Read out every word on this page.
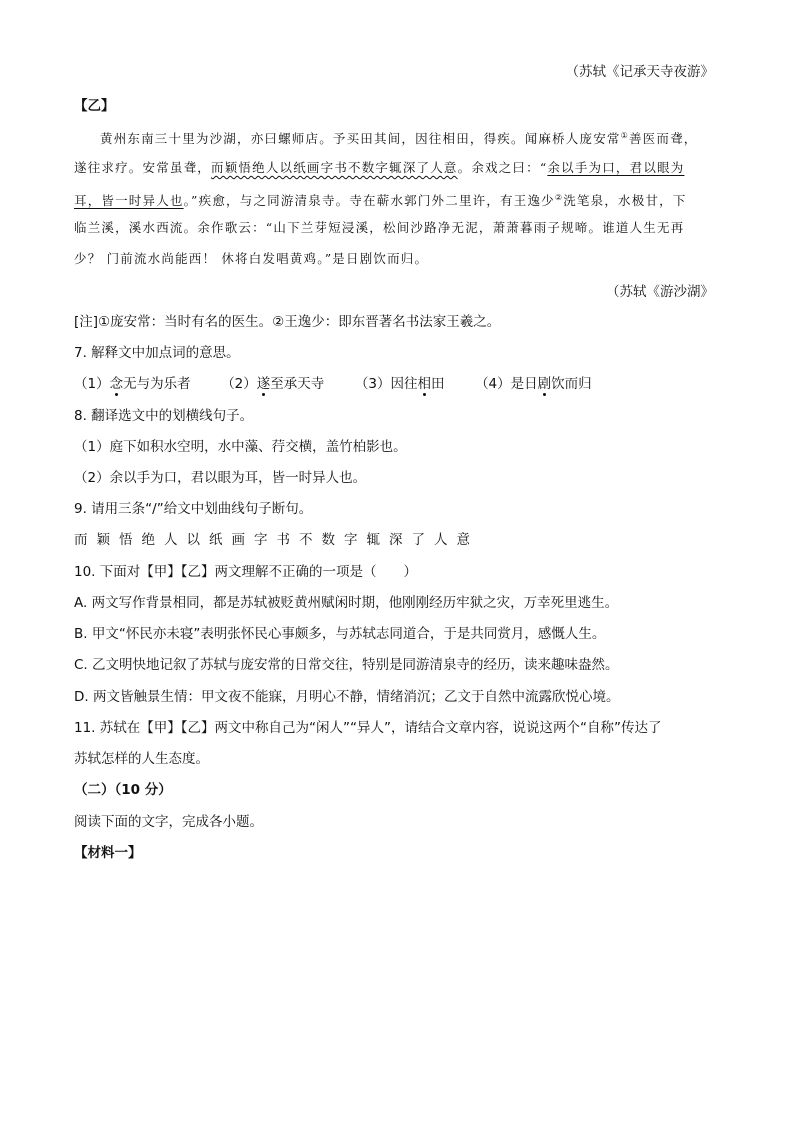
（苏轼《记承天寺夜游》
【乙】
黄州东南三十里为沙湖，亦曰螺师店。予买田其间，因往相田，得疾。闻麻桥人庞安常①善医而聋，
遂往求疗。安常虽聋，而颖悟绝人以纸画字书不数字辄深了人意。余戏之曰：“余以手为口，君以眼为
耳，皆一时异人也。”疾愈，与之同游清泉寺。寺在蕲水郭门外二里许，有王逸少②洗笔泉，水极甘，下
临兰溪，溪水西流。余作歌云：“山下兰芽短浸溪，松间沙路净无泥，萧萧暮雨子规啼。谁道人生无再
少？ 门前流水尚能西！ 休将白发唱黄鸡。”是日剧饮而归。
（苏轼《游沙湖》
[注]①庞安常：当时有名的医生。②王逸少：即东晋著名书法家王羲之。
7. 解释文中加点词的意思。
（1）念无与为乐者 （2）遂至承天寺 （3）因往相田 （4）是日剧饮而归
8. 翻译选文中的划横线句子。
（1）庭下如积水空明，水中藻、荇交横，盖竹柏影也。
（2）余以手为口，君以眼为耳，皆一时异人也。
9. 请用三条“/”给文中划曲线句子断句。
而颖悟绝人以纸画字书不数字辄深了人意
10. 下面对【甲】【乙】两文理解不正确的一项是（　　）
A. 两文写作背景相同，都是苏轼被贬黄州赋闲时期，他刚刚经历牢狱之灾，万幸死里逃生。
B. 甲文“怀民亦未寝”表明张怀民心事颇多，与苏轼志同道合，于是共同赏月，感慨人生。
C. 乙文明快地记叙了苏轼与庞安常的日常交往，特别是同游清泉寺的经历，读来趣味盎然。
D. 两文皆触景生情：甲文夜不能寐，月明心不静，情绪消沉；乙文于自然中流露欣悦心境。
11. 苏轼在【甲】【乙】两文中称自己为“闲人”“异人”，请结合文章内容，说说这两个“自称”传达了
苏轼怎样的人生态度。
（二）（10 分）
阅读下面的文字，完成各小题。
【材料一】
